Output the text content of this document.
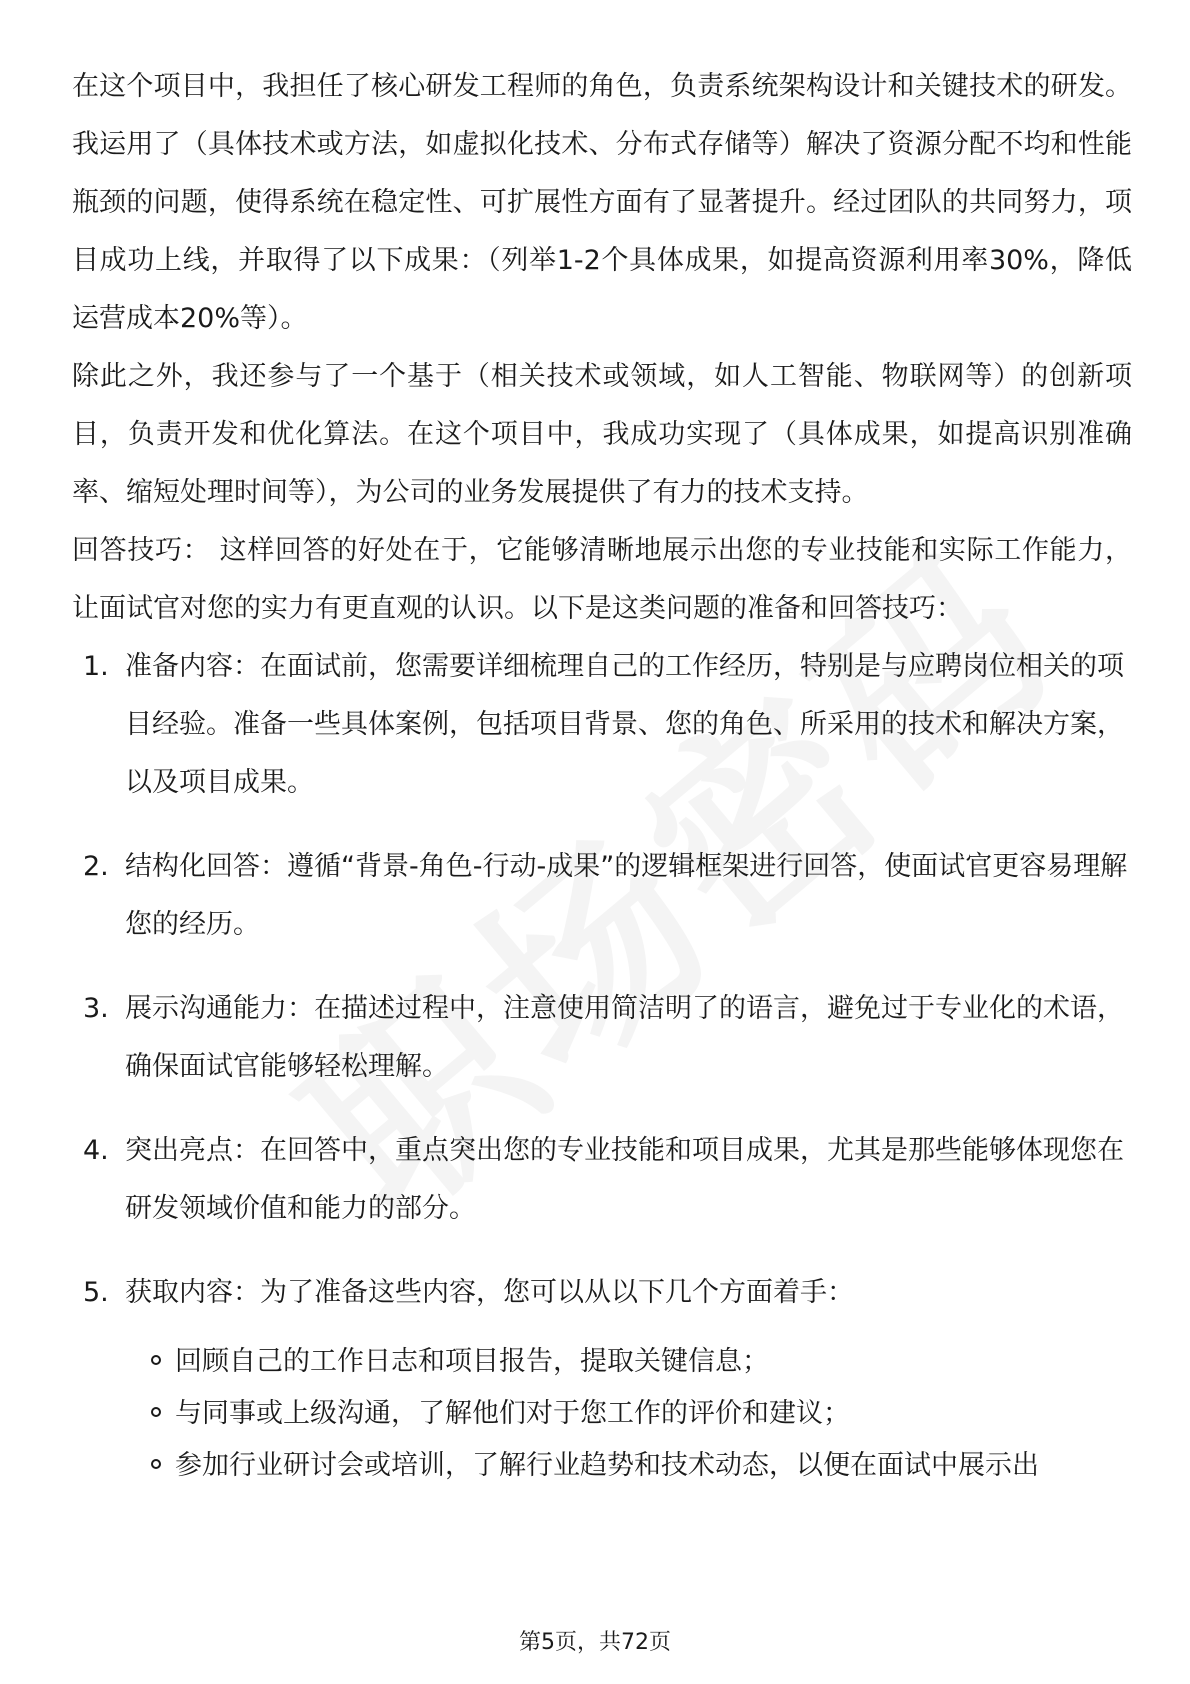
在这个项目中，我担任了核心研发工程师的角色，负责系统架构设计和关键技术的研发。我运用了（具体技术或方法，如虚拟化技术、分布式存储等）解决了资源分配不均和性能瓶颈的问题，使得系统在稳定性、可扩展性方面有了显著提升。经过团队的共同努力，项目成功上线，并取得了以下成果：（列举1-2个具体成果，如提高资源利用率30%，降低运营成本20%等）。

除此之外，我还参与了一个基于（相关技术或领域，如人工智能、物联网等）的创新项目，负责开发和优化算法。在这个项目中，我成功实现了（具体成果，如提高识别准确率、缩短处理时间等），为公司的业务发展提供了有力的技术支持。

回答技巧： 这样回答的好处在于，它能够清晰地展示出您的专业技能和实际工作能力，让面试官对您的实力有更直观的认识。以下是这类问题的准备和回答技巧：

1. 准备内容：在面试前，您需要详细梳理自己的工作经历，特别是与应聘岗位相关的项目经验。准备一些具体案例，包括项目背景、您的角色、所采用的技术和解决方案，以及项目成果。
2. 结构化回答：遵循“背景-角色-行动-成果”的逻辑框架进行回答，使面试官更容易理解您的经历。
3. 展示沟通能力：在描述过程中，注意使用简洁明了的语言，避免过于专业化的术语，确保面试官能够轻松理解。
4. 突出亮点：在回答中，重点突出您的专业技能和项目成果，尤其是那些能够体现您在研发领域价值和能力的部分。
5. 获取内容：为了准备这些内容，您可以从以下几个方面着手：
回顾自己的工作日志和项目报告，提取关键信息；
与同事或上级沟通，了解他们对于您工作的评价和建议；
参加行业研讨会或培训，了解行业趋势和技术动态，以便在面试中展示出
第5页，共72页
